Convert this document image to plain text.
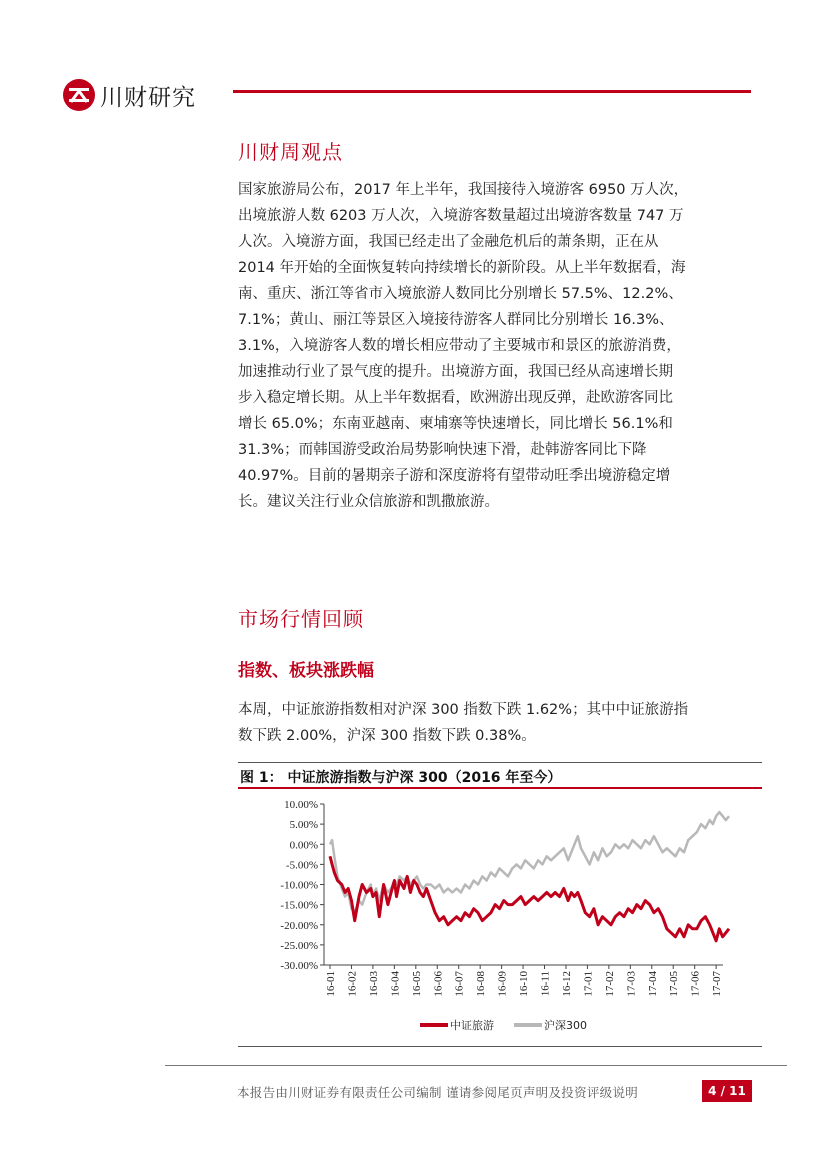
川财研究
川财周观点
国家旅游局公布，2017 年上半年，我国接待入境游客 6950 万人次，
出境旅游人数 6203 万人次，入境游客数量超过出境游客数量 747 万
人次。入境游方面，我国已经走出了金融危机后的萧条期，正在从
2014 年开始的全面恢复转向持续增长的新阶段。从上半年数据看，海
南、重庆、浙江等省市入境旅游人数同比分别增长 57.5%、12.2%、
7.1%；黄山、丽江等景区入境接待游客人群同比分别增长 16.3%、
3.1%，入境游客人数的增长相应带动了主要城市和景区的旅游消费，
加速推动行业了景气度的提升。出境游方面，我国已经从高速增长期
步入稳定增长期。从上半年数据看，欧洲游出现反弹，赴欧游客同比
增长 65.0%；东南亚越南、柬埔寨等快速增长，同比增长 56.1%和
31.3%；而韩国游受政治局势影响快速下滑，赴韩游客同比下降
40.97%。目前的暑期亲子游和深度游将有望带动旺季出境游稳定增
长。建议关注行业众信旅游和凯撒旅游。
市场行情回顾
指数、板块涨跌幅
本周，中证旅游指数相对沪深 300 指数下跌 1.62%；其中中证旅游指
数下跌 2.00%，沪深 300 指数下跌 0.38%。
图 1： 中证旅游指数与沪深 300（2016 年至今）
10.00%
5.00%
0.00%
-5.00%
-10.00%
-15.00%
-20.00%
-25.00%
-30.00%
16-01 16-02 16-03 16-04 16-05 16-06 16-07 16-08 16-09 16-10 16-11 16-12 17-01 17-02 17-03 17-04 17-05 17-06 17-07
中证旅游	沪深300
本报告由川财证券有限责任公司编制 谨请参阅尾页声明及投资评级说明	4 / 11
